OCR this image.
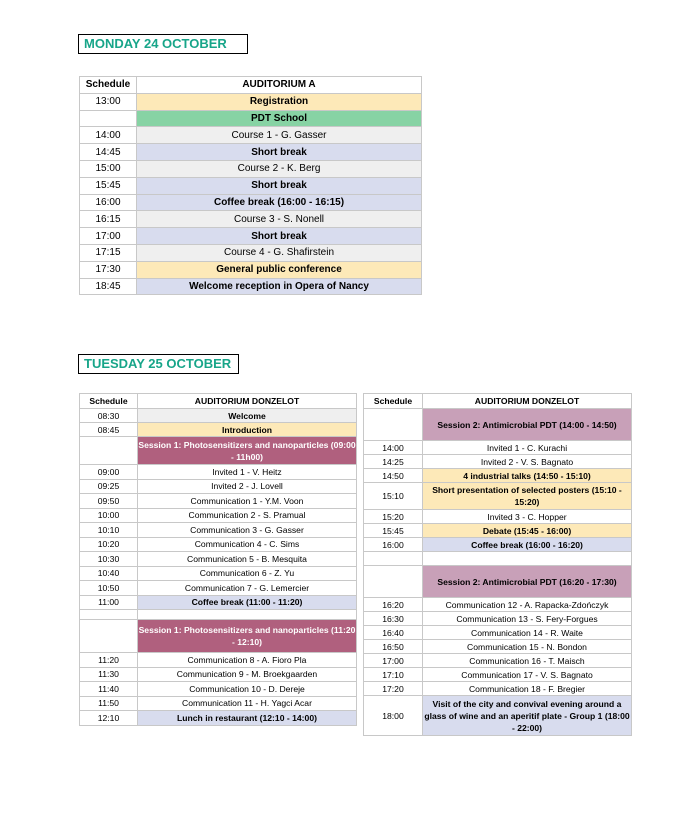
MONDAY 24 OCTOBER
Schedule	AUDITORIUM A
13:00	Registration
	PDT School
14:00	Course 1 - G. Gasser
14:45	Short break
15:00	Course 2 - K. Berg
15:45	Short break
16:00	Coffee break (16:00 - 16:15)
16:15	Course 3 - S. Nonell
17:00	Short break
17:15	Course 4 - G. Shafirstein
17:30	General public conference
18:45	Welcome reception in Opera of Nancy
TUESDAY 25 OCTOBER
Schedule	AUDITORIUM DONZELOT
08:30	Welcome
08:45	Introduction
	Session 1: Photosensitizers and nanoparticles (09:00 - 11h00)
09:00	Invited 1 - V. Heitz
09:25	Invited 2 - J. Lovell
09:50	Communication 1 - Y.M. Voon
10:00	Communication 2 - S. Pramual
10:10	Communication 3 - G. Gasser
10:20	Communication 4 - C. Sims
10:30	Communication 5 - B. Mesquita
10:40	Communication 6 - Z. Yu
10:50	Communication 7 - G. Lemercier
11:00	Coffee break (11:00 - 11:20)

	Session 1: Photosensitizers and nanoparticles (11:20 - 12:10)
11:20	Communication 8 - A. Fioro Pla
11:30	Communication 9 - M. Broekgaarden
11:40	Communication 10 - D. Dereje
11:50	Communication 11 - H. Yagci Acar
12:10	Lunch in restaurant (12:10 - 14:00)
Schedule	AUDITORIUM DONZELOT
	Session 2: Antimicrobial PDT (14:00 - 14:50)
14:00	Invited 1 - C. Kurachi
14:25	Invited 2 - V. S. Bagnato
14:50	4 industrial talks (14:50 - 15:10)
15:10	Short presentation of selected posters (15:10 - 15:20)
15:20	Invited 3 - C. Hopper
15:45	Debate (15:45 - 16:00)
16:00	Coffee break (16:00 - 16:20)

	Session 2: Antimicrobial PDT (16:20 - 17:30)
16:20	Communication 12 - A. Rapacka-Zdończyk
16:30	Communication 13 - S. Fery-Forgues
16:40	Communication 14 - R. Waite
16:50	Communication 15 - N. Bondon
17:00	Communication 16 - T. Maisch
17:10	Communication 17 - V. S. Bagnato
17:20	Communication 18 - F. Bregier
18:00	Visit of the city and convival evening around a glass of wine and an aperitif plate - Group 1 (18:00 - 22:00)
